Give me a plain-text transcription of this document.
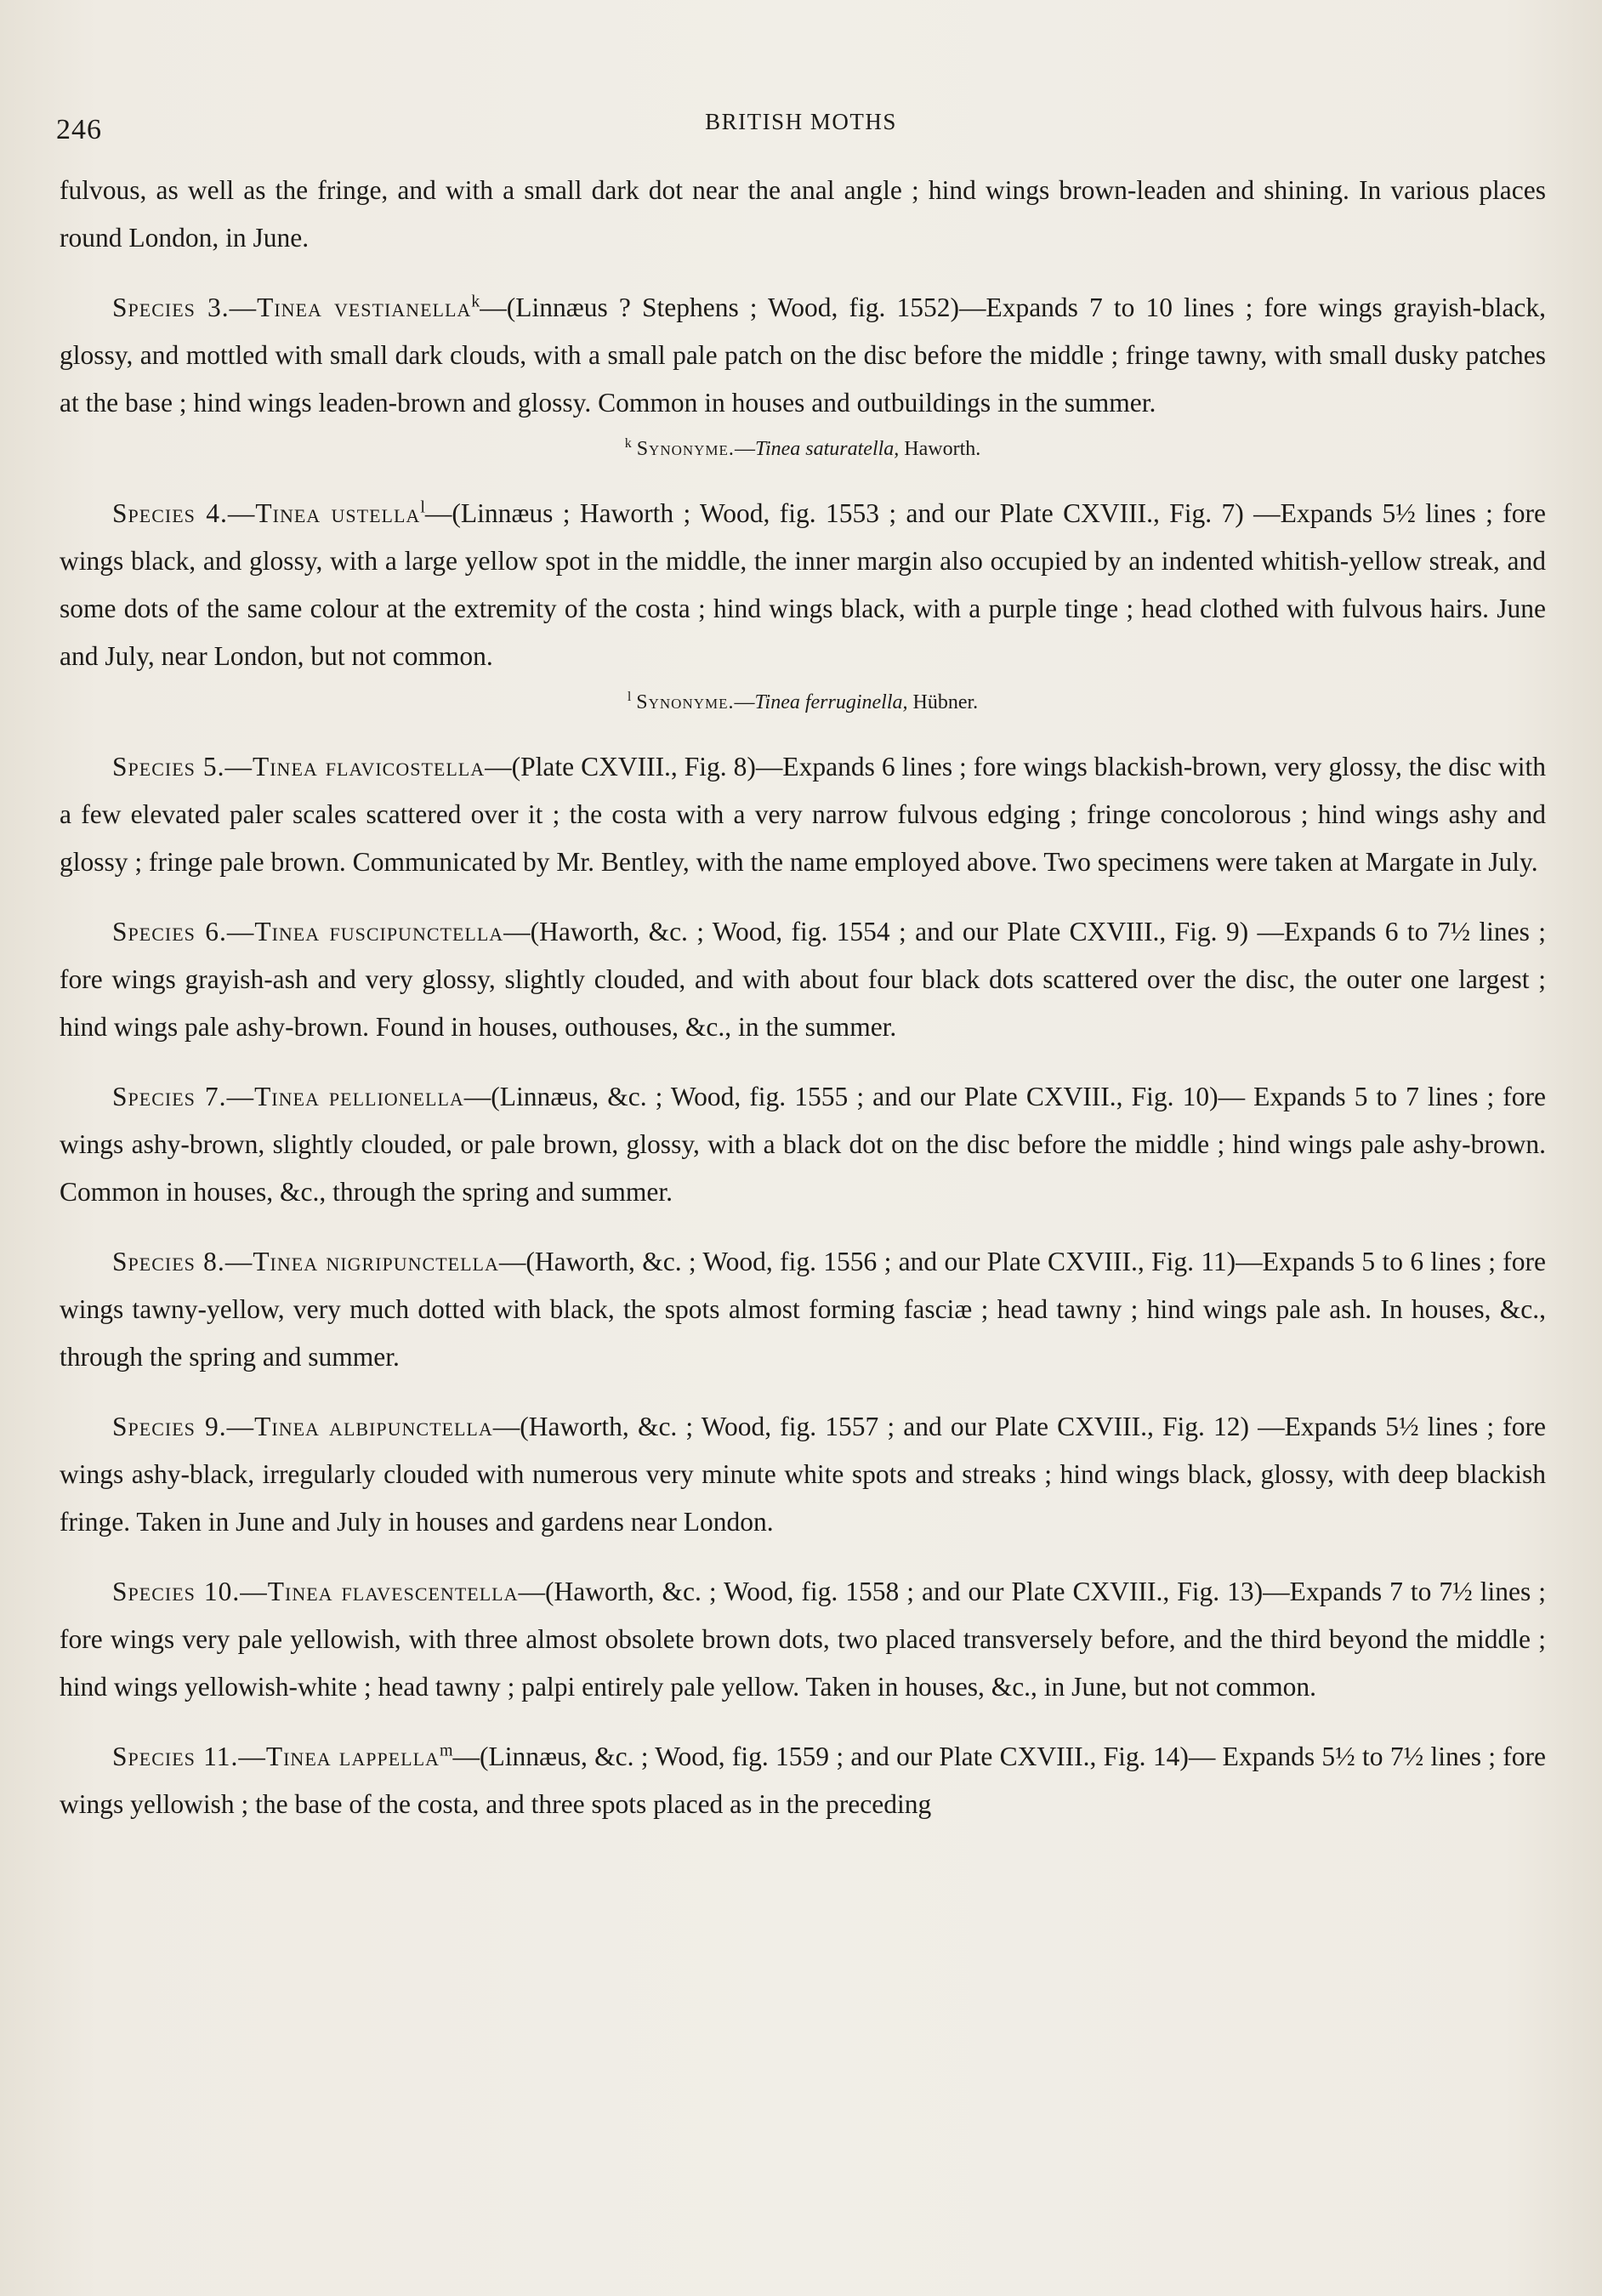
246	BRITISH MOTHS

fulvous, as well as the fringe, and with a small dark dot near the anal angle ; hind wings brown-leaden and shining. In various places round London, in June.

Species 3.—Tinea vestianella$^k$—(Linnæus ? Stephens ; Wood, fig. 1552)—Expands 7 to 10 lines ; fore wings grayish-black, glossy, and mottled with small dark clouds, with a small pale patch on the disc before the middle ; fringe tawny, with small dusky patches at the base ; hind wings leaden-brown and glossy. Common in houses and outbuildings in the summer.

$^k$ Synonyme.—Tinea saturatella, Haworth.

Species 4.—Tinea ustella$^l$—(Linnæus ; Haworth ; Wood, fig. 1553 ; and our Plate CXVIII., Fig. 7) —Expands 5½ lines ; fore wings black, and glossy, with a large yellow spot in the middle, the inner margin also occupied by an indented whitish-yellow streak, and some dots of the same colour at the extremity of the costa ; hind wings black, with a purple tinge ; head clothed with fulvous hairs. June and July, near London, but not common.

$^l$ Synonyme.—Tinea ferruginella, Hübner.

Species 5.—Tinea flavicostella—(Plate CXVIII., Fig. 8)—Expands 6 lines ; fore wings blackish-brown, very glossy, the disc with a few elevated paler scales scattered over it ; the costa with a very narrow fulvous edging ; fringe concolorous ; hind wings ashy and glossy ; fringe pale brown. Communicated by Mr. Bentley, with the name employed above. Two specimens were taken at Margate in July.

Species 6.—Tinea fuscipunctella—(Haworth, &c. ; Wood, fig. 1554 ; and our Plate CXVIII., Fig. 9) —Expands 6 to 7½ lines ; fore wings grayish-ash and very glossy, slightly clouded, and with about four black dots scattered over the disc, the outer one largest ; hind wings pale ashy-brown. Found in houses, outhouses, &c., in the summer.

Species 7.—Tinea pellionella—(Linnæus, &c. ; Wood, fig. 1555 ; and our Plate CXVIII., Fig. 10)— Expands 5 to 7 lines ; fore wings ashy-brown, slightly clouded, or pale brown, glossy, with a black dot on the disc before the middle ; hind wings pale ashy-brown. Common in houses, &c., through the spring and summer.

Species 8.—Tinea nigripunctella—(Haworth, &c. ; Wood, fig. 1556 ; and our Plate CXVIII., Fig. 11)—Expands 5 to 6 lines ; fore wings tawny-yellow, very much dotted with black, the spots almost forming fasciæ ; head tawny ; hind wings pale ash. In houses, &c., through the spring and summer.

Species 9.—Tinea albipunctella—(Haworth, &c. ; Wood, fig. 1557 ; and our Plate CXVIII., Fig. 12) —Expands 5½ lines ; fore wings ashy-black, irregularly clouded with numerous very minute white spots and streaks ; hind wings black, glossy, with deep blackish fringe. Taken in June and July in houses and gardens near London.

Species 10.—Tinea flavescentella—(Haworth, &c. ; Wood, fig. 1558 ; and our Plate CXVIII., Fig. 13)—Expands 7 to 7½ lines ; fore wings very pale yellowish, with three almost obsolete brown dots, two placed transversely before, and the third beyond the middle ; hind wings yellowish-white ; head tawny ; palpi entirely pale yellow. Taken in houses, &c., in June, but not common.

Species 11.—Tinea lappella$^m$—(Linnæus, &c. ; Wood, fig. 1559 ; and our Plate CXVIII., Fig. 14)— Expands 5½ to 7½ lines ; fore wings yellowish ; the base of the costa, and three spots placed as in the preceding
